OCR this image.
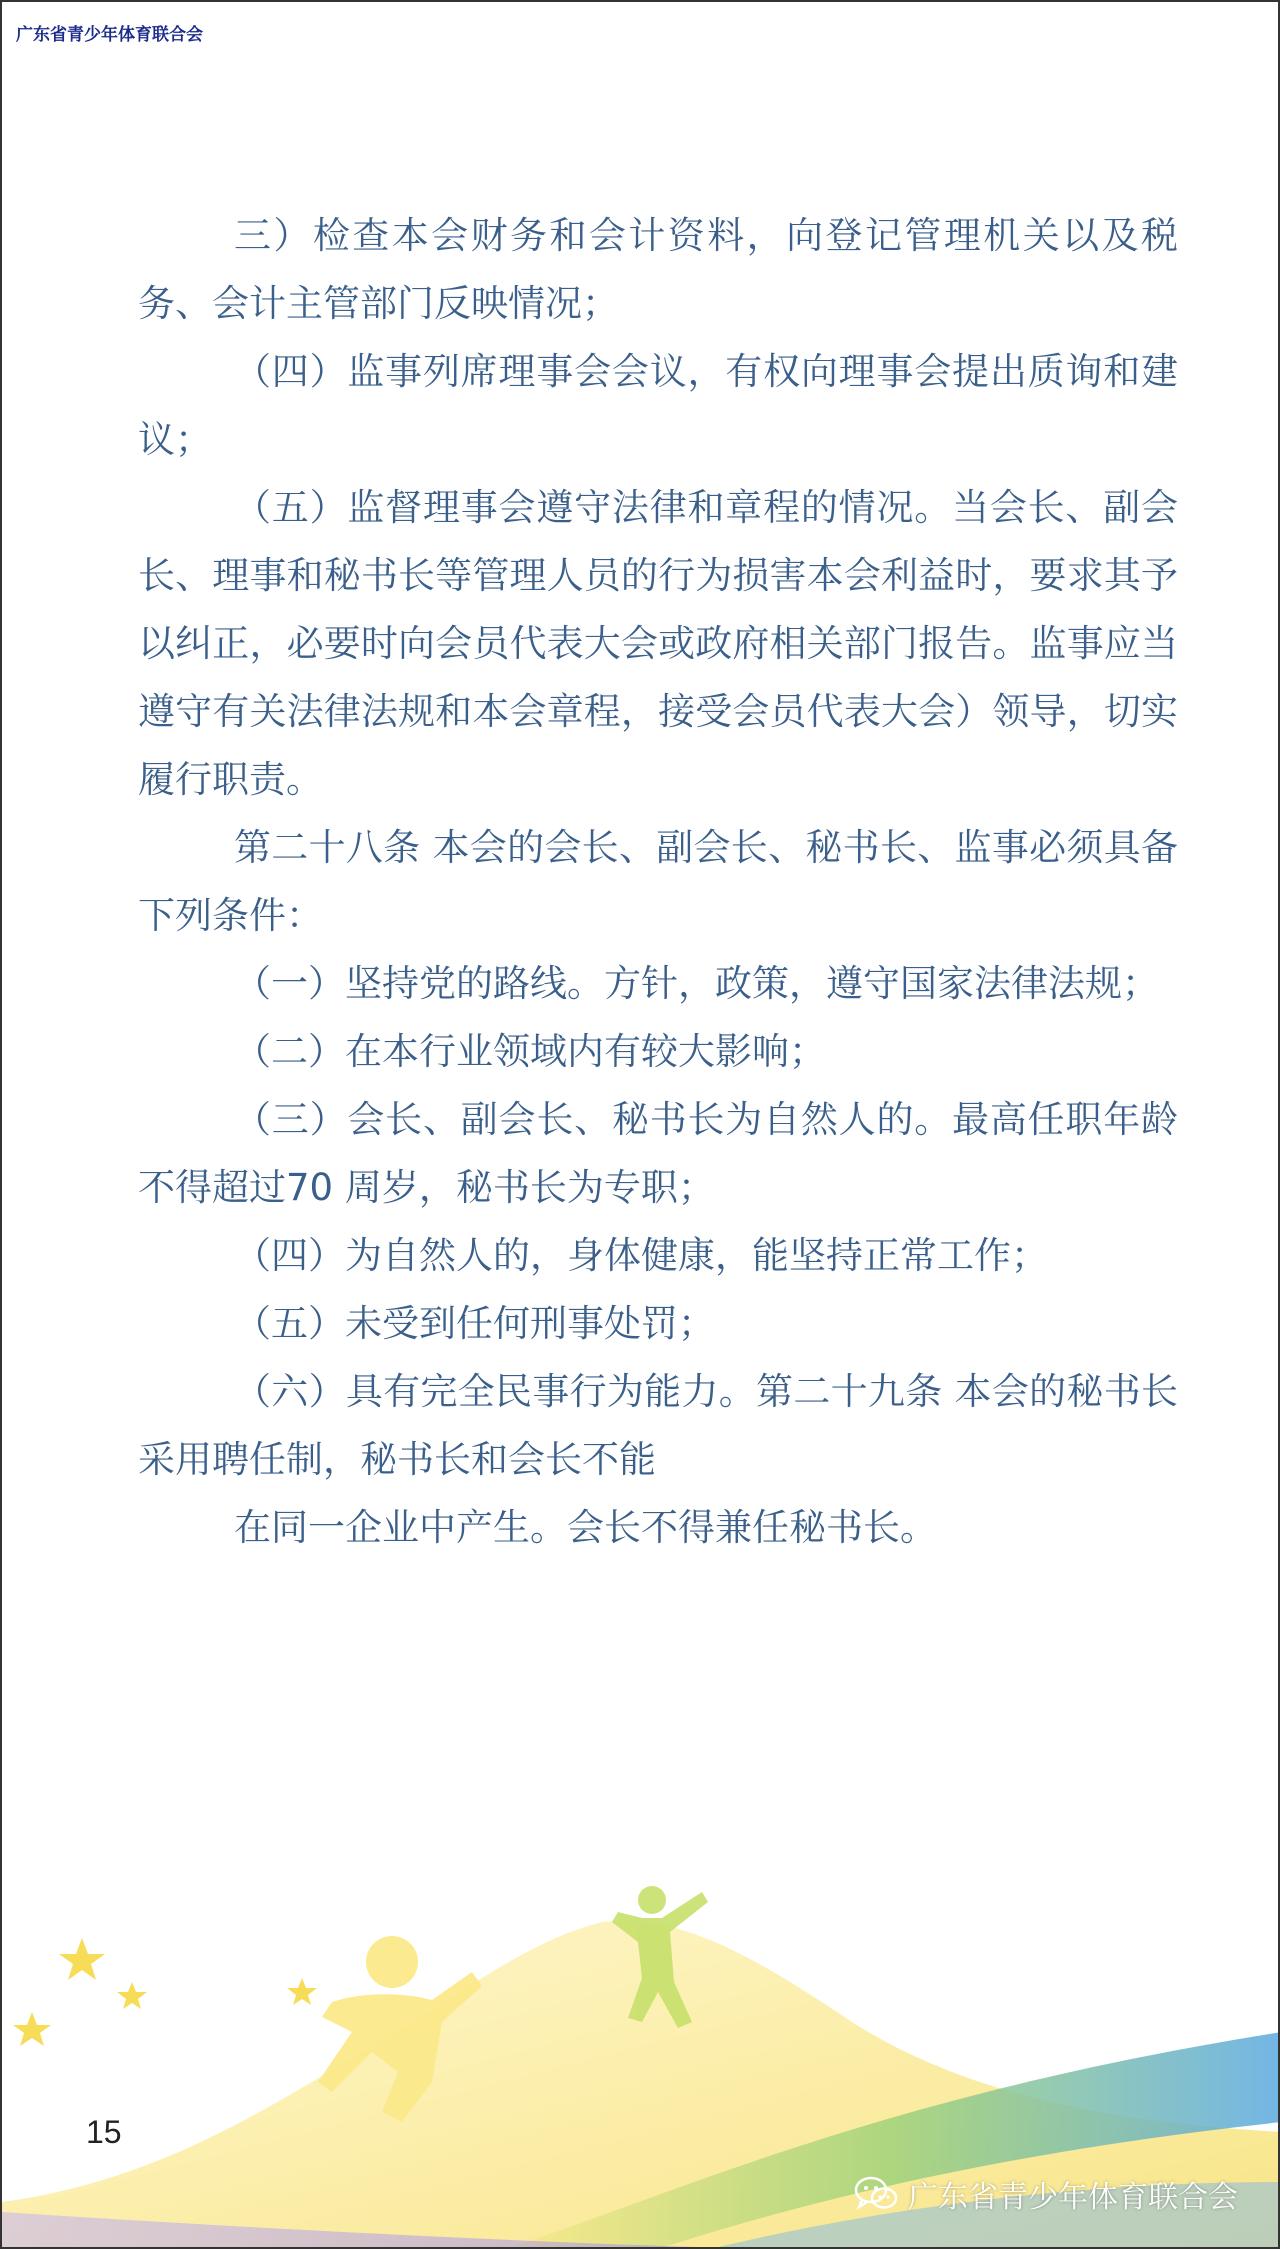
广东省青少年体育联合会

三）检查本会财务和会计资料，向登记管理机关以及税务、会计主管部门反映情况；

（四）监事列席理事会会议，有权向理事会提出质询和建议；

（五）监督理事会遵守法律和章程的情况。当会长、副会长、理事和秘书长等管理人员的行为损害本会利益时，要求其予以纠正，必要时向会员代表大会或政府相关部门报告。监事应当遵守有关法律法规和本会章程，接受会员代表大会）领导，切实履行职责。

第二十八条 本会的会长、副会长、秘书长、监事必须具备下列条件：

（一）坚持党的路线。方针，政策，遵守国家法律法规；

（二）在本行业领域内有较大影响；

（三）会长、副会长、秘书长为自然人的。最高任职年龄不得超过70 周岁，秘书长为专职；

（四）为自然人的，身体健康，能坚持正常工作；

（五）未受到任何刑事处罚；

（六）具有完全民事行为能力。第二十九条 本会的秘书长采用聘任制，秘书长和会长不能

在同一企业中产生。会长不得兼任秘书长。

15
广东省青少年体育联合会
